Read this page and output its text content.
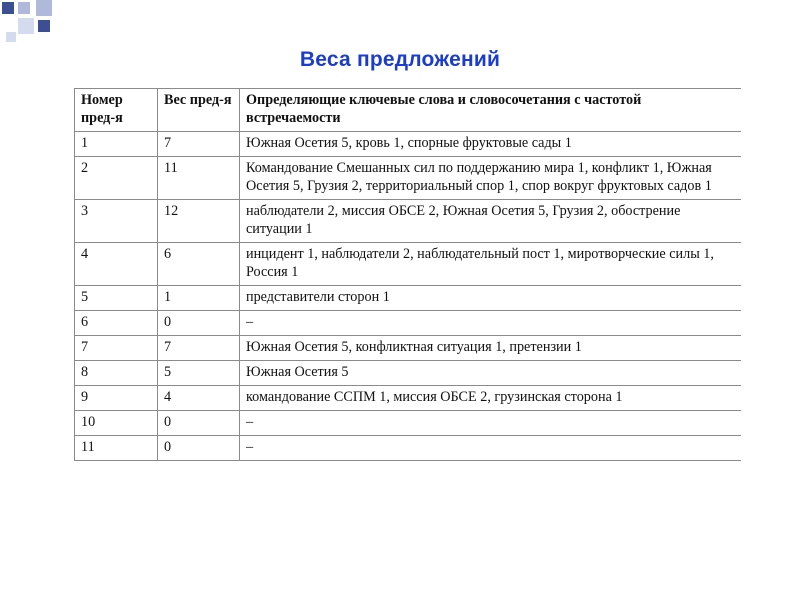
Веса предложений
Номер пред-я	Вес пред-я	Определяющие ключевые слова и словосочетания с частотой встречаемости
1	7	Южная Осетия 5, кровь 1, спорные фруктовые сады 1
2	11	Командование Смешанных сил по поддержанию мира 1, конфликт 1, Южная Осетия 5, Грузия 2, территориальный спор 1, спор вокруг фруктовых садов 1
3	12	наблюдатели 2, миссия ОБСЕ 2, Южная Осетия 5, Грузия 2, обострение ситуации 1
4	6	инцидент 1, наблюдатели 2, наблюдательный пост 1, миротворческие силы 1, Россия 1
5	1	представители сторон 1
6	0	–
7	7	Южная Осетия 5, конфликтная ситуация 1, претензии 1
8	5	Южная Осетия 5
9	4	командование ССПМ 1, миссия ОБСЕ 2, грузинская сторона 1
10	0	–
11	0	–
